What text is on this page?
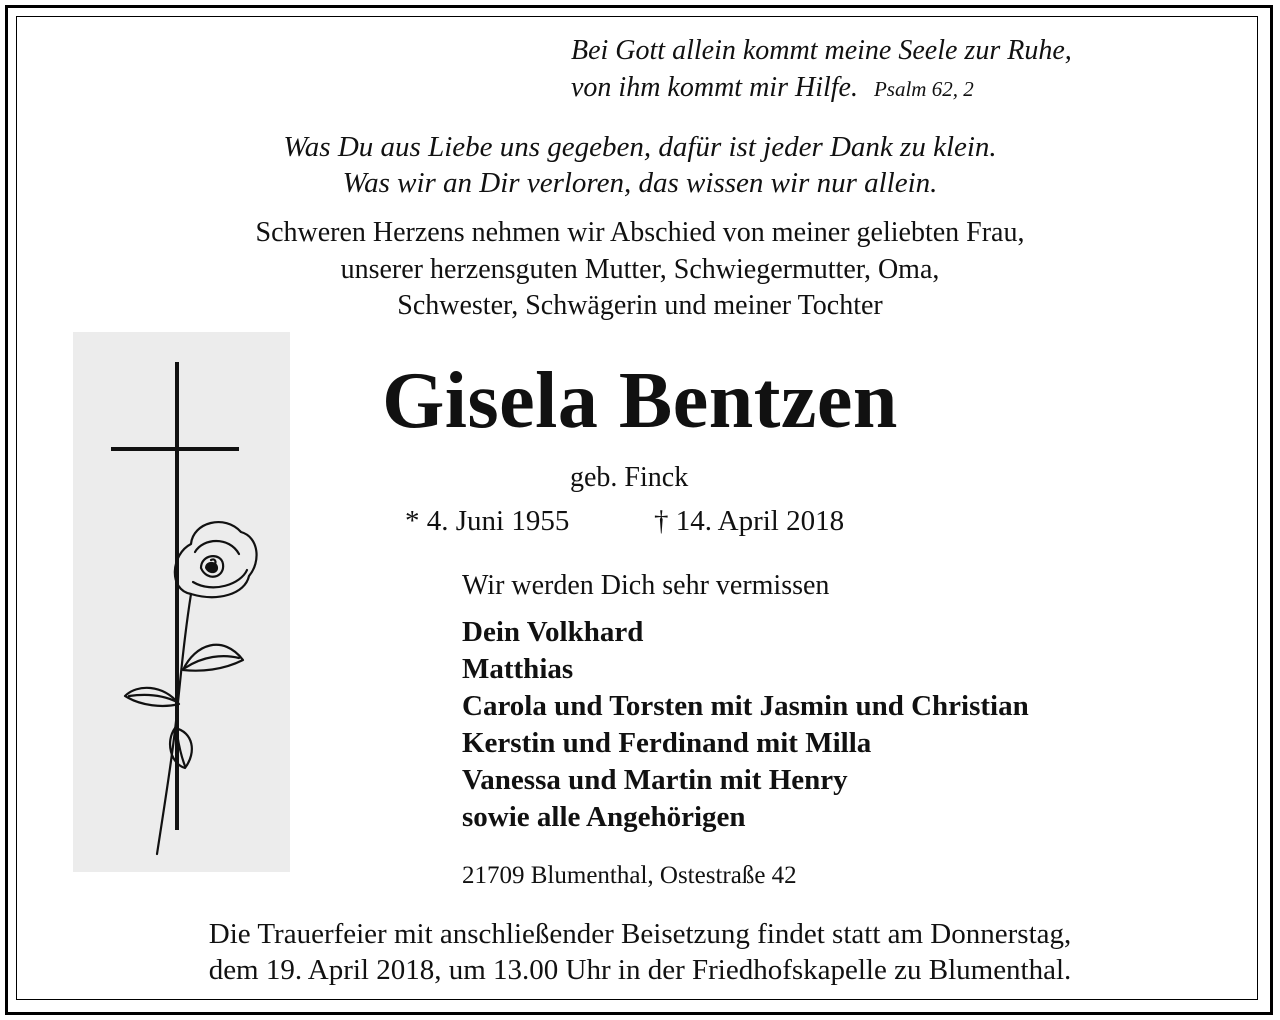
Bei Gott allein kommt meine Seele zur Ruhe,
von ihm kommt mir Hilfe. Psalm 62, 2
Was Du aus Liebe uns gegeben, dafür ist jeder Dank zu klein.
Was wir an Dir verloren, das wissen wir nur allein.
Schweren Herzens nehmen wir Abschied von meiner geliebten Frau,
unserer herzensguten Mutter, Schwiegermutter, Oma,
Schwester, Schwägerin und meiner Tochter
Gisela Bentzen
geb. Finck
* 4. Juni 1955	† 14. April 2018
Wir werden Dich sehr vermissen
Dein Volkhard
Matthias
Carola und Torsten mit Jasmin und Christian
Kerstin und Ferdinand mit Milla
Vanessa und Martin mit Henry
sowie alle Angehörigen
21709 Blumenthal, Ostestraße 42
Die Trauerfeier mit anschließender Beisetzung findet statt am Donnerstag,
dem 19. April 2018, um 13.00 Uhr in der Friedhofskapelle zu Blumenthal.
